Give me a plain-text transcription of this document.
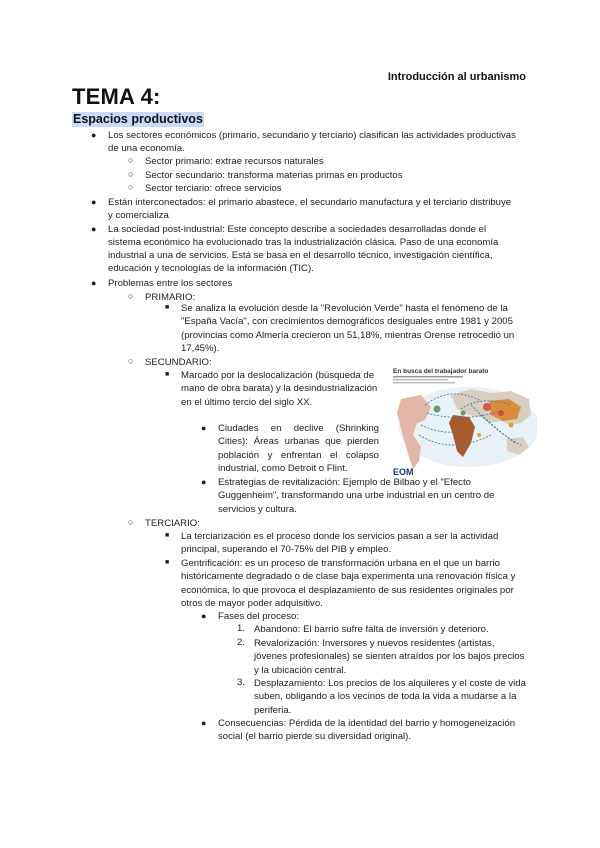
Introducción al urbanismo
TEMA 4:
Espacios productivos
● Los sectores económicos (primario, secundario y terciario) clasifican las actividades productivas de una economía.
○ Sector primario: extrae recursos naturales
○ Sector secundario: transforma materias primas en productos
○ Sector terciario: ofrece servicios
● Están interconectados: el primario abastece, el secundario manufactura y el terciario distribuye y comercializa
● La sociedad post-industrial: Este concepto describe a sociedades desarrolladas donde el sistema económico ha evolucionado tras la industrialización clásica. Paso de una economía industrial a una de servicios. Está se basa en el desarrollo técnico, investigación científica, educación y tecnologías de la información (TIC).
● Problemas entre los sectores
○ PRIMARIO:
■ Se analiza la evolución desde la "Revolución Verde" hasta el fenómeno de la "España Vacía", con crecimientos demográficos desiguales entre 1981 y 2005 (provincias como Almería crecieron un 51,18%, mientras Orense retrocedió un 17,45%).
○ SECUNDARIO:
■ Marcado por la deslocalización (búsqueda de mano de obra barata) y la desindustrialización en el último tercio del siglo XX.
● Ciudades en declive (Shrinking Cities): Áreas urbanas que pierden población y enfrentan el colapso industrial, como Detroit o Flint.
● Estrategias de revitalización: Ejemplo de Bilbao y el "Efecto Guggenheim", transformando una urbe industrial en un centro de servicios y cultura.
En busca del trabajador barato
EOM
○ TERCIARIO:
■ La terciarización es el proceso donde los servicios pasan a ser la actividad principal, superando el 70-75% del PIB y empleo.
■ Gentrificación: es un proceso de transformación urbana en el que un barrio históricamente degradado o de clase baja experimenta una renovación física y económica, lo que provoca el desplazamiento de sus residentes originales por otros de mayor poder adquisitivo.
● Fases del proceso:
1. Abandono: El barrio sufre falta de inversión y deterioro.
2. Revalorización: Inversores y nuevos residentes (artistas, jóvenes profesionales) se sienten atraídos por los bajos precios y la ubicación central.
3. Desplazamiento: Los precios de los alquileres y el coste de vida suben, obligando a los vecinos de toda la vida a mudarse a la periferia.
● Consecuencias: Pérdida de la identidad del barrio y homogeneización social (el barrio pierde su diversidad original).
